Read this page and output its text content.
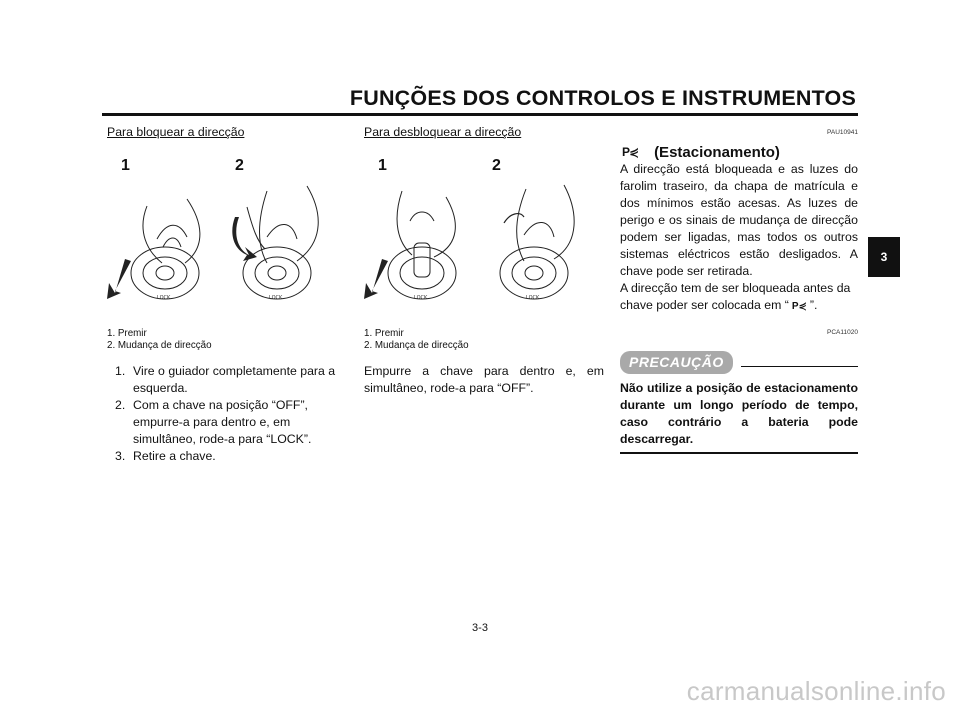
FUNÇÕES DOS CONTROLOS E INSTRUMENTOS
3
Para bloquear a direcção
1	2
LOCK	LOCK
1. Premir
2. Mudança de direcção
1. Vire o guiador completamente para a esquerda.
2. Com a chave na posição “OFF”, empurre-a para dentro e, em simultâneo, rode-a para “LOCK”.
3. Retire a chave.
Para desbloquear a direcção
1	2
LOCK	LOCK
1. Premir
2. Mudança de direcção
Empurre a chave para dentro e, em simultâneo, rode-a para “OFF”.
PAU10941
P⋞ (Estacionamento)
A direcção está bloqueada e as luzes do farolim traseiro, da chapa de matrícula e dos mínimos estão acesas. As luzes de perigo e os sinais de mudança de direcção podem ser ligadas, mas todos os outros sistemas eléctricos estão desligados. A chave pode ser retirada.
A direcção tem de ser bloqueada antes da chave poder ser colocada em “ P⋞ ”.
PCA11020
PRECAUÇÃO
Não utilize a posição de estacionamento durante um longo período de tempo, caso contrário a bateria pode descarregar.
3-3
carmanualsonline.info
